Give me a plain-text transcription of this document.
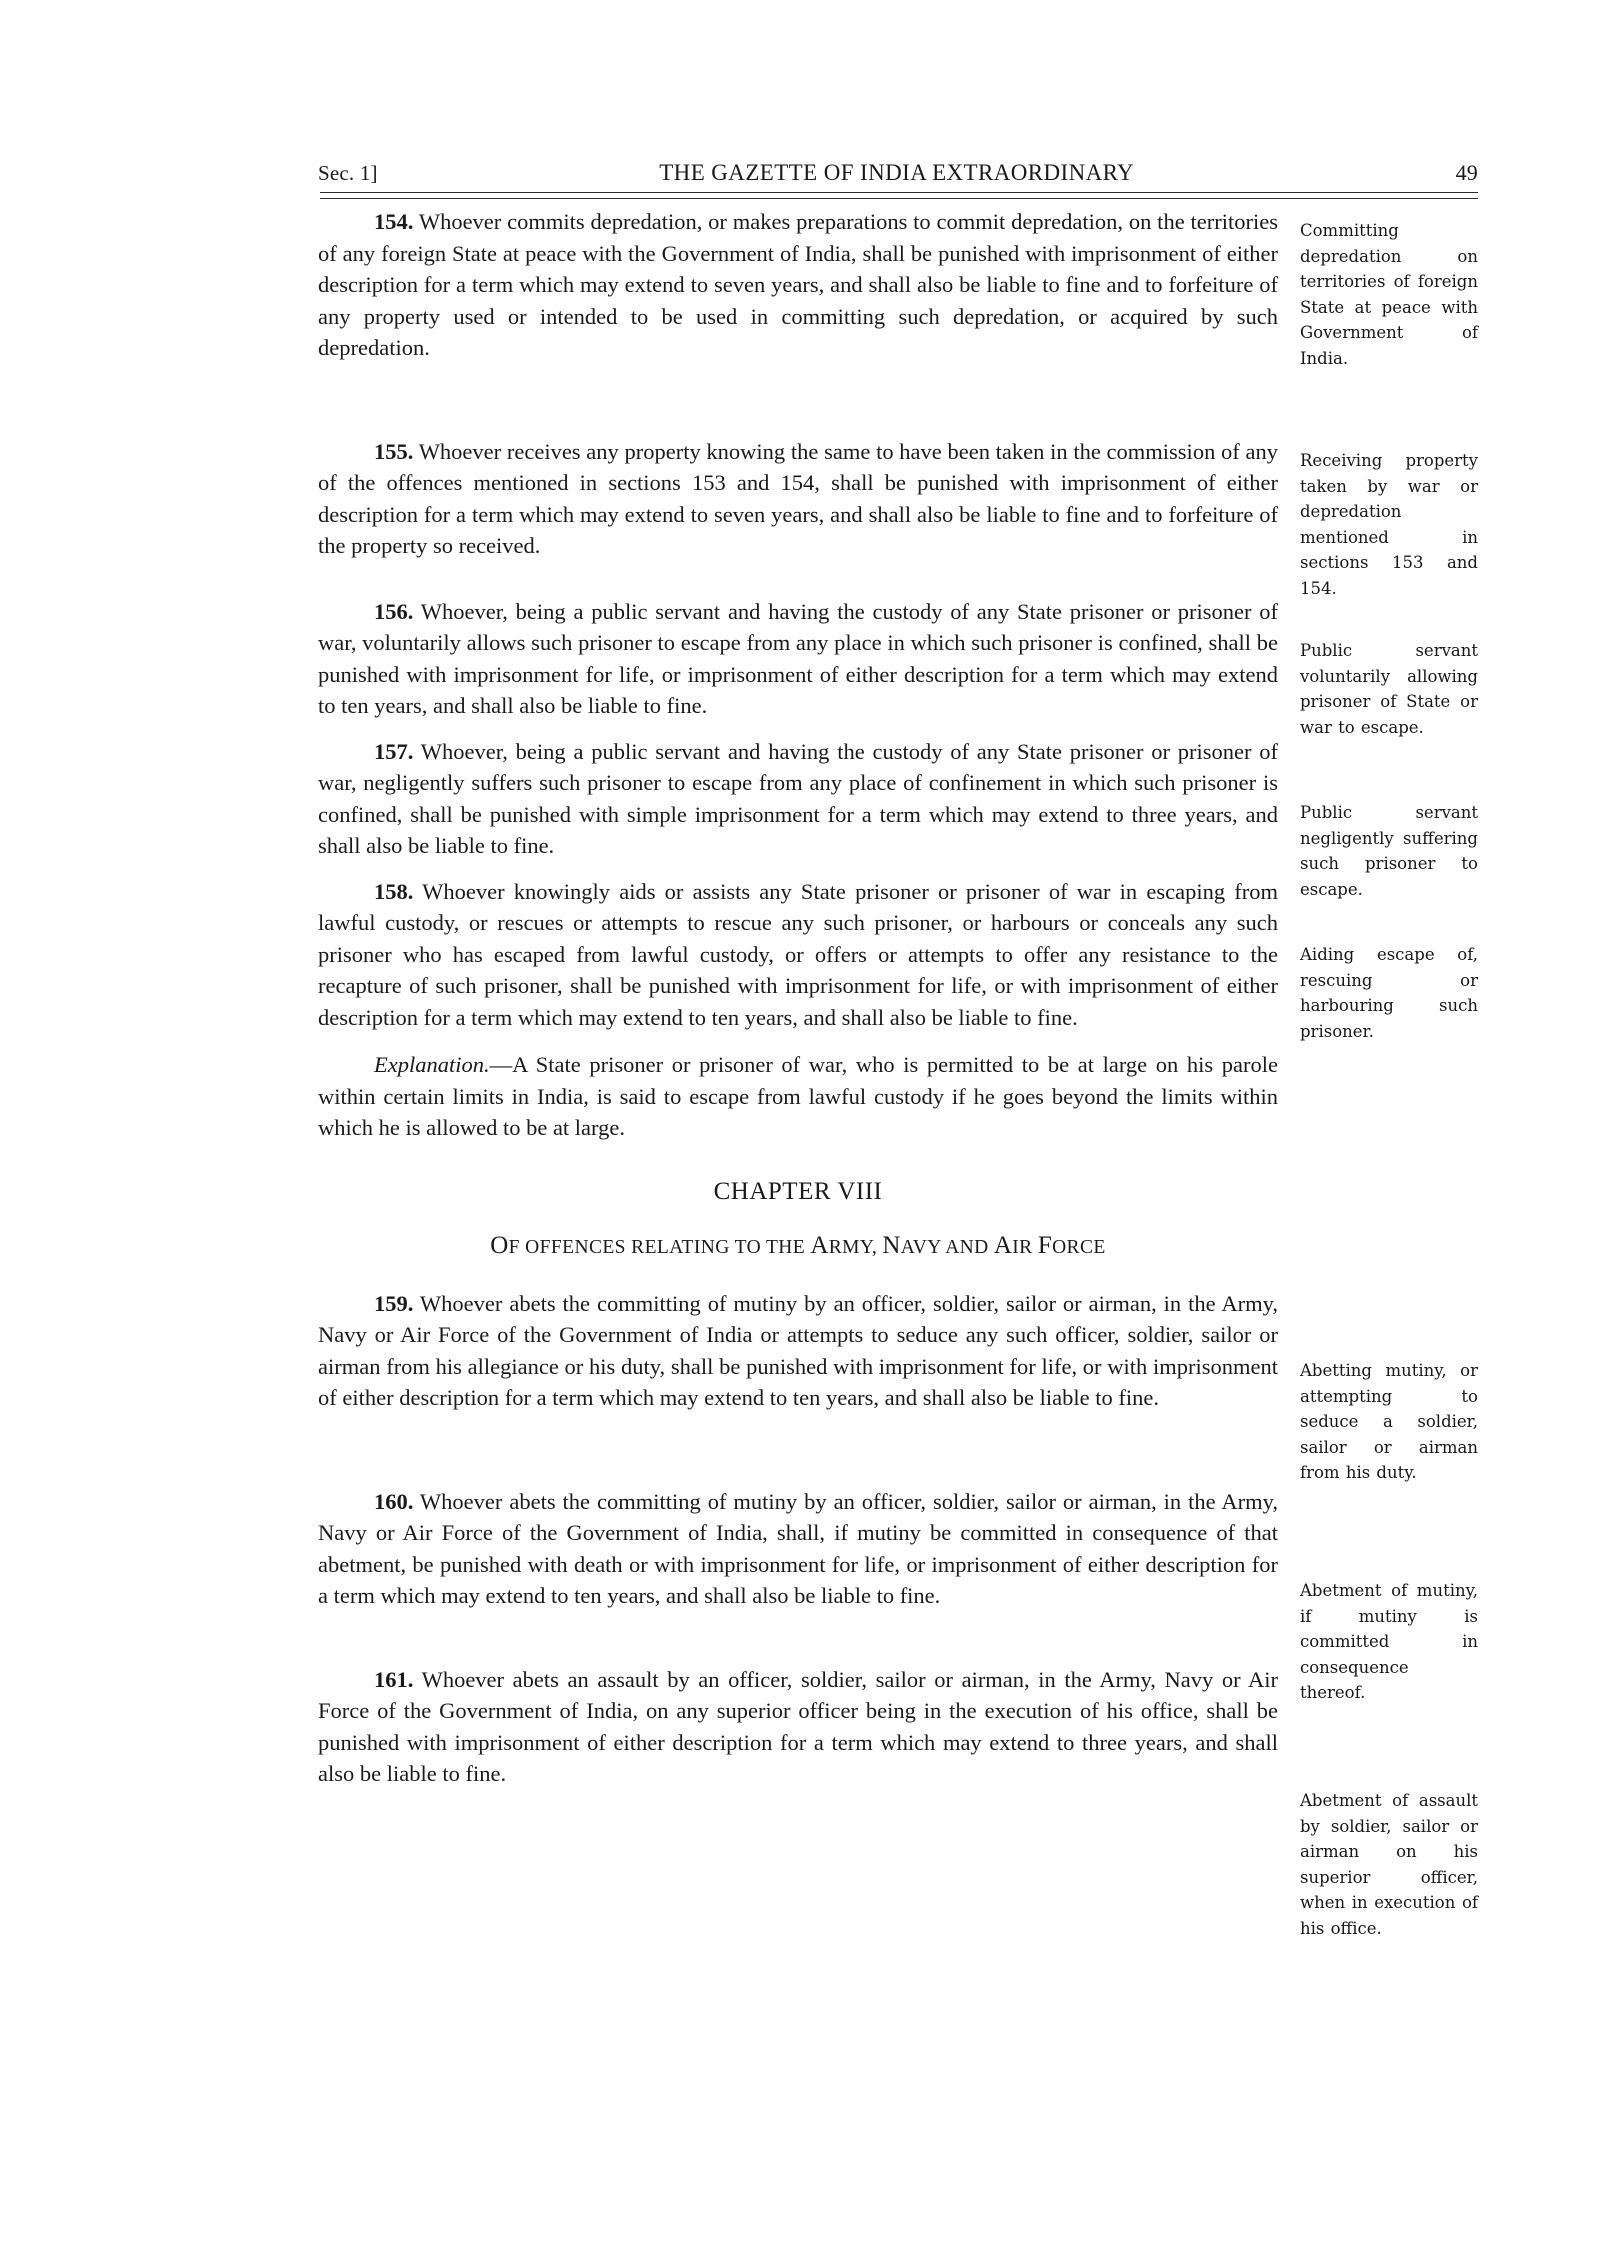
Sec. 1]	THE GAZETTE OF INDIA EXTRAORDINARY	49

154. Whoever commits depredation, or makes preparations to commit depredation, on the territories of any foreign State at peace with the Government of India, shall be punished with imprisonment of either description for a term which may extend to seven years, and shall also be liable to fine and to forfeiture of any property used or intended to be used in committing such depredation, or acquired by such depredation.

155. Whoever receives any property knowing the same to have been taken in the commission of any of the offences mentioned in sections 153 and 154, shall be punished with imprisonment of either description for a term which may extend to seven years, and shall also be liable to fine and to forfeiture of the property so received.

156. Whoever, being a public servant and having the custody of any State prisoner or prisoner of war, voluntarily allows such prisoner to escape from any place in which such prisoner is confined, shall be punished with imprisonment for life, or imprisonment of either description for a term which may extend to ten years, and shall also be liable to fine.

157. Whoever, being a public servant and having the custody of any State prisoner or prisoner of war, negligently suffers such prisoner to escape from any place of confinement in which such prisoner is confined, shall be punished with simple imprisonment for a term which may extend to three years, and shall also be liable to fine.

158. Whoever knowingly aids or assists any State prisoner or prisoner of war in escaping from lawful custody, or rescues or attempts to rescue any such prisoner, or harbours or conceals any such prisoner who has escaped from lawful custody, or offers or attempts to offer any resistance to the recapture of such prisoner, shall be punished with imprisonment for life, or with imprisonment of either description for a term which may extend to ten years, and shall also be liable to fine.

Explanation.—A State prisoner or prisoner of war, who is permitted to be at large on his parole within certain limits in India, is said to escape from lawful custody if he goes beyond the limits within which he is allowed to be at large.

CHAPTER VIII
OF OFFENCES RELATING TO THE ARMY, NAVY AND AIR FORCE

159. Whoever abets the committing of mutiny by an officer, soldier, sailor or airman, in the Army, Navy or Air Force of the Government of India or attempts to seduce any such officer, soldier, sailor or airman from his allegiance or his duty, shall be punished with imprisonment for life, or with imprisonment of either description for a term which may extend to ten years, and shall also be liable to fine.

160. Whoever abets the committing of mutiny by an officer, soldier, sailor or airman, in the Army, Navy or Air Force of the Government of India, shall, if mutiny be committed in consequence of that abetment, be punished with death or with imprisonment for life, or imprisonment of either description for a term which may extend to ten years, and shall also be liable to fine.

161. Whoever abets an assault by an officer, soldier, sailor or airman, in the Army, Navy or Air Force of the Government of India, on any superior officer being in the execution of his office, shall be punished with imprisonment of either description for a term which may extend to three years, and shall also be liable to fine.

Committing depredation on territories of foreign State at peace with Government of India.
Receiving property taken by war or depredation mentioned in sections 153 and 154.
Public servant voluntarily allowing prisoner of State or war to escape.
Public servant negligently suffering such prisoner to escape.
Aiding escape of, rescuing or harbouring such prisoner.
Abetting mutiny, or attempting to seduce a soldier, sailor or airman from his duty.
Abetment of mutiny, if mutiny is committed in consequence thereof.
Abetment of assault by soldier, sailor or airman on his superior officer, when in execution of his office.
